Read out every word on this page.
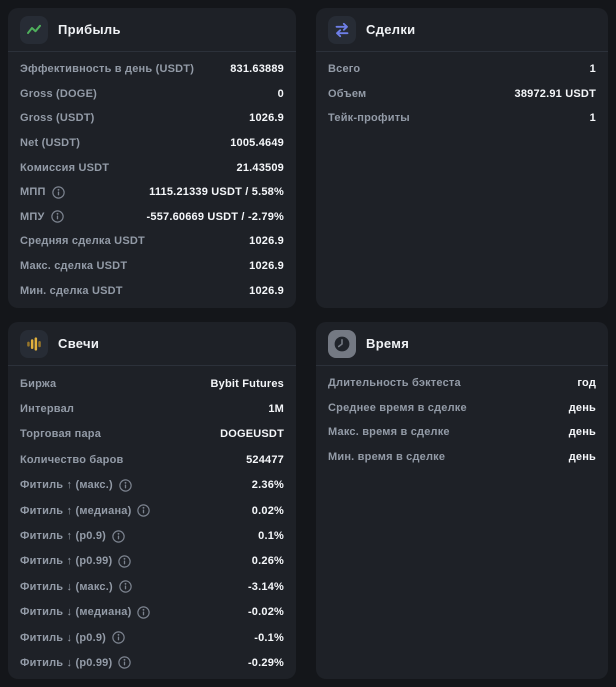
Прибыль
Эффективность в день (USDT)	831.63889
Gross (DOGE)	0
Gross (USDT)	1026.9
Net (USDT)	1005.4649
Комиссия USDT	21.43509
МПП	1115.21339 USDT / 5.58%
МПУ	-557.60669 USDT / -2.79%
Средняя сделка USDT	1026.9
Макс. сделка USDT	1026.9
Мин. сделка USDT	1026.9
Сделки
Всего	1
Объем	38972.91 USDT
Тейк-профиты	1
Свечи
Биржа	Bybit Futures
Интервал	1M
Торговая пара	DOGEUSDT
Количество баров	524477
Фитиль ↑ (макс.)	2.36%
Фитиль ↑ (медиана)	0.02%
Фитиль ↑ (p0.9)	0.1%
Фитиль ↑ (p0.99)	0.26%
Фитиль ↓ (макс.)	-3.14%
Фитиль ↓ (медиана)	-0.02%
Фитиль ↓ (p0.9)	-0.1%
Фитиль ↓ (p0.99)	-0.29%
Время
Длительность бэктеста	год
Среднее время в сделке	день
Макс. время в сделке	день
Мин. время в сделке	день
